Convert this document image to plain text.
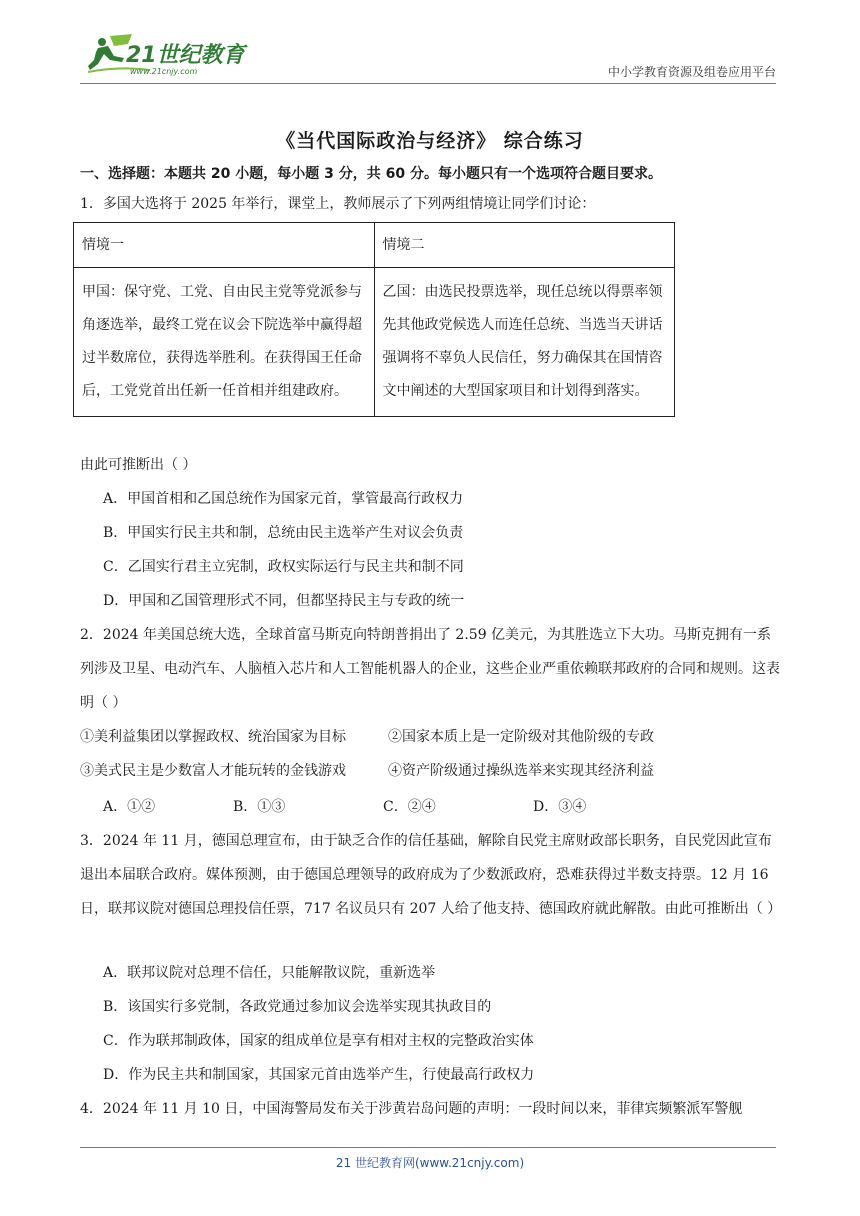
21世纪教育
www.21cnjy.com	中小学教育资源及组卷应用平台
《当代国际政治与经济》 综合练习
一、选择题：本题共 20 小题，每小题 3 分，共 60 分。每小题只有一个选项符合题目要求。
1．多国大选将于 2025 年举行，课堂上，教师展示了下列两组情境让同学们讨论：
情境一	情境二
甲国：保守党、工党、自由民主党等党派参与角逐选举，最终工党在议会下院选举中赢得超过半数席位，获得选举胜利。在获得国王任命后，工党党首出任新一任首相并组建政府。	乙国：由选民投票选举，现任总统以得票率领先其他政党候选人而连任总统、当选当天讲话强调将不辜负人民信任，努力确保其在国情咨文中阐述的大型国家项目和计划得到落实。
由此可推断出（ ）
A．甲国首相和乙国总统作为国家元首，掌管最高行政权力
B．甲国实行民主共和制，总统由民主选举产生对议会负责
C．乙国实行君主立宪制，政权实际运行与民主共和制不同
D．甲国和乙国管理形式不同，但都坚持民主与专政的统一
2．2024 年美国总统大选，全球首富马斯克向特朗普捐出了 2.59 亿美元，为其胜选立下大功。马斯克拥有一系列涉及卫星、电动汽车、人脑植入芯片和人工智能机器人的企业，这些企业严重依赖联邦政府的合同和规则。这表明（ ）
①美利益集团以掌握政权、统治国家为目标	②国家本质上是一定阶级对其他阶级的专政
③美式民主是少数富人才能玩转的金钱游戏	④资产阶级通过操纵选举来实现其经济利益
A．①②	B．①③	C．②④	D．③④
3．2024 年 11 月，德国总理宣布，由于缺乏合作的信任基础，解除自民党主席财政部长职务，自民党因此宣布退出本届联合政府。媒体预测，由于德国总理领导的政府成为了少数派政府，恐难获得过半数支持票。12 月 16 日，联邦议院对德国总理投信任票，717 名议员只有 207 人给了他支持、德国政府就此解散。由此可推断出（ ）
A．联邦议院对总理不信任，只能解散议院，重新选举
B．该国实行多党制，各政党通过参加议会选举实现其执政目的
C．作为联邦制政体，国家的组成单位是享有相对主权的完整政治实体
D．作为民主共和制国家，其国家元首由选举产生，行使最高行政权力
4．2024 年 11 月 10 日，中国海警局发布关于涉黄岩岛问题的声明：一段时间以来，菲律宾频繁派军警舰
21 世纪教育网(www.21cnjy.com)
